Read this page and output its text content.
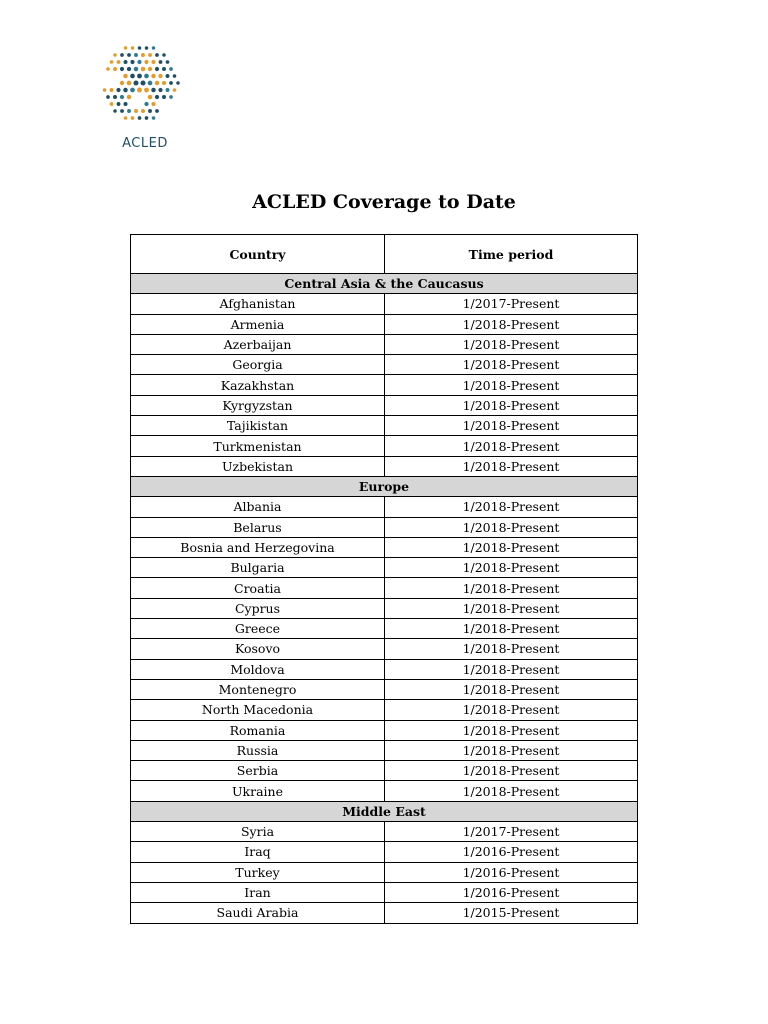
ACLED
ACLED Coverage to Date
Country	Time period
Central Asia & the Caucasus	
Afghanistan	1/2017-Present
Armenia	1/2018-Present
Azerbaijan	1/2018-Present
Georgia	1/2018-Present
Kazakhstan	1/2018-Present
Kyrgyzstan	1/2018-Present
Tajikistan	1/2018-Present
Turkmenistan	1/2018-Present
Uzbekistan	1/2018-Present
Europe	
Albania	1/2018-Present
Belarus	1/2018-Present
Bosnia and Herzegovina	1/2018-Present
Bulgaria	1/2018-Present
Croatia	1/2018-Present
Cyprus	1/2018-Present
Greece	1/2018-Present
Kosovo	1/2018-Present
Moldova	1/2018-Present
Montenegro	1/2018-Present
North Macedonia	1/2018-Present
Romania	1/2018-Present
Russia	1/2018-Present
Serbia	1/2018-Present
Ukraine	1/2018-Present
Middle East	
Syria	1/2017-Present
Iraq	1/2016-Present
Turkey	1/2016-Present
Iran	1/2016-Present
Saudi Arabia	1/2015-Present
